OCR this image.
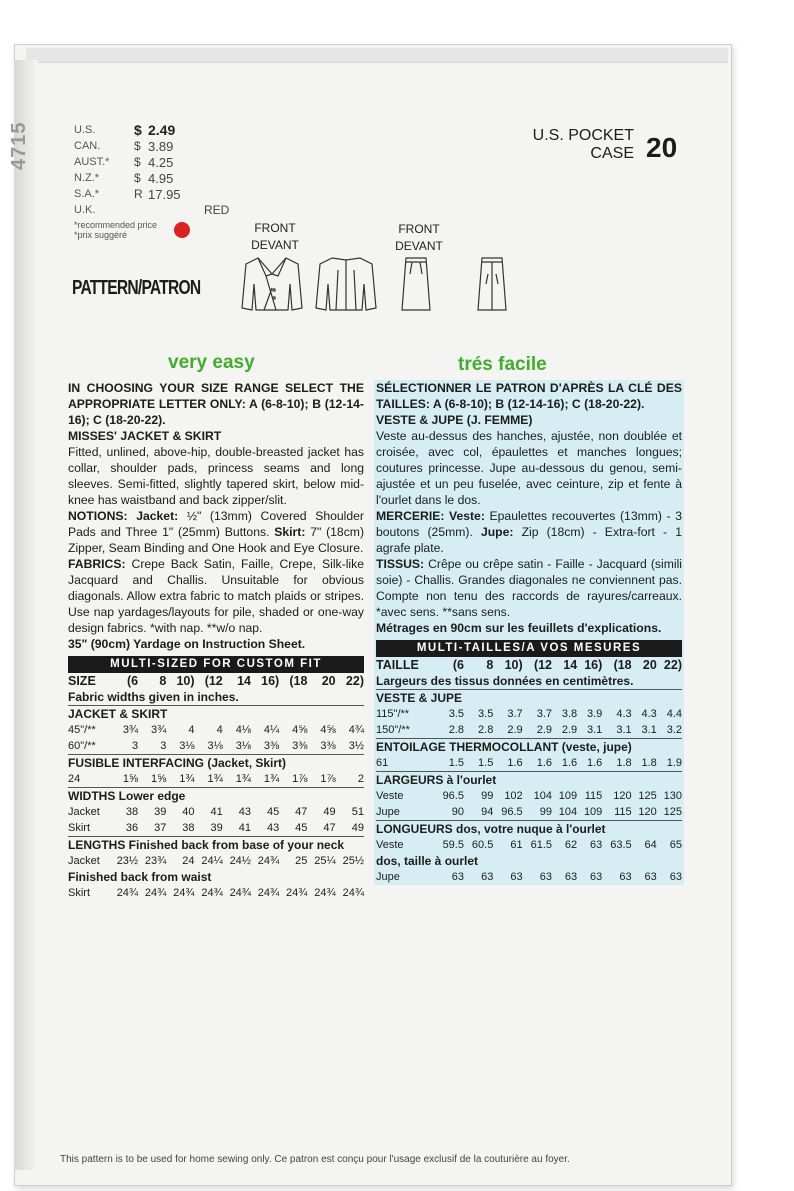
4715	U.S.	$ 2.49
CAN.	$ 3.89
AUST.*	$ 4.25
N.Z.*	$ 4.95
S.A.*	R 17.95
U.K.	RED
*recommended price
*prix suggéré
PATTERN/PATRON
U.S. POCKET
CASE 20
FRONT
DEVANT
FRONT
DEVANT
very easy	trés facile
IN CHOOSING YOUR SIZE RANGE SELECT THE APPROPRIATE LETTER ONLY: A (6-8-10); B (12-14-16); C (18-20-22).
MISSES' JACKET & SKIRT
Fitted, unlined, above-hip, double-breasted jacket has collar, shoulder pads, princess seams and long sleeves. Semi-fitted, slightly tapered skirt, below mid-knee has waistband and back zipper/slit.
NOTIONS: Jacket: ½" (13mm) Covered Shoulder Pads and Three 1" (25mm) Buttons. Skirt: 7" (18cm) Zipper, Seam Binding and One Hook and Eye Closure.
FABRICS: Crepe Back Satin, Faille, Crepe, Silk-like Jacquard and Challis. Unsuitable for obvious diagonals. Allow extra fabric to match plaids or stripes. Use nap yardages/layouts for pile, shaded or one-way design fabrics. *with nap. **w/o nap.
35" (90cm) Yardage on Instruction Sheet.
MULTI-SIZED FOR CUSTOM FIT
SIZE	(6	8	10)	(12	14	16)	(18	20	22)
Fabric widths given in inches.									
JACKET & SKIRT									
45"/**	3¾	3¾	4	4	4⅛	4¼	4⅝	4⅝	4¾
60"/**	3	3	3⅛	3⅛	3⅛	3⅜	3⅜	3⅜	3½
FUSIBLE INTERFACING (Jacket, Skirt)									
24	1⅝	1⅝	1¾	1¾	1¾	1¾	1⅞	1⅞	2
WIDTHS Lower edge									
Jacket	38	39	40	41	43	45	47	49	51
Skirt	36	37	38	39	41	43	45	47	49
LENGTHS Finished back from base of your neck									
Jacket	23½	23¾	24	24¼	24½	24¾	25	25¼	25½
Finished back from waist									
Skirt	24¾	24¾	24¾	24¾	24¾	24¾	24¾	24¾	24¾
SÉLECTIONNER LE PATRON D'APRÈS LA CLÉ DES TAILLES: A (6-8-10); B (12-14-16); C (18-20-22).
VESTE & JUPE (J. FEMME)
Veste au-dessus des hanches, ajustée, non doublée et croisée, avec col, épaulettes et manches longues; coutures princesse. Jupe au-dessous du genou, semi-ajustée et un peu fuselée, avec ceinture, zip et fente à l'ourlet dans le dos.
MERCERIE: Veste: Epaulettes recouvertes (13mm) - 3 boutons (25mm). Jupe: Zip (18cm) - Extra-fort - 1 agrafe plate.
TISSUS: Crêpe ou crêpe satin - Faille - Jacquard (simili soie) - Challis. Grandes diagonales ne conviennent pas. Compte non tenu des raccords de rayures/carreaux. *avec sens. **sans sens.
Métrages en 90cm sur les feuillets d'explications.
MULTI-TAILLES/A VOS MESURES
TAILLE	(6	8	10)	(12	14	16)	(18	20	22)
Largeurs des tissus données en centimètres.									
VESTE & JUPE									
115"/**	3.5	3.5	3.7	3.7	3.8	3.9	4.3	4.3	4.4
150"/**	2.8	2.8	2.9	2.9	2.9	3.1	3.1	3.1	3.2
ENTOILAGE THERMOCOLLANT (veste, jupe)									
61	1.5	1.5	1.6	1.6	1.6	1.6	1.8	1.8	1.9
LARGEURS à l'ourlet									
Veste	96.5	99	102	104	109	115	120	125	130
Jupe	90	94	96.5	99	104	109	115	120	125
LONGUEURS dos, votre nuque à l'ourlet									
Veste	59.5	60.5	61	61.5	62	63	63.5	64	65
dos, taille à ourlet									
Jupe	63	63	63	63	63	63	63	63	63
This pattern is to be used for home sewing only. Ce patron est conçu pour l'usage exclusif de la couturière au foyer.
